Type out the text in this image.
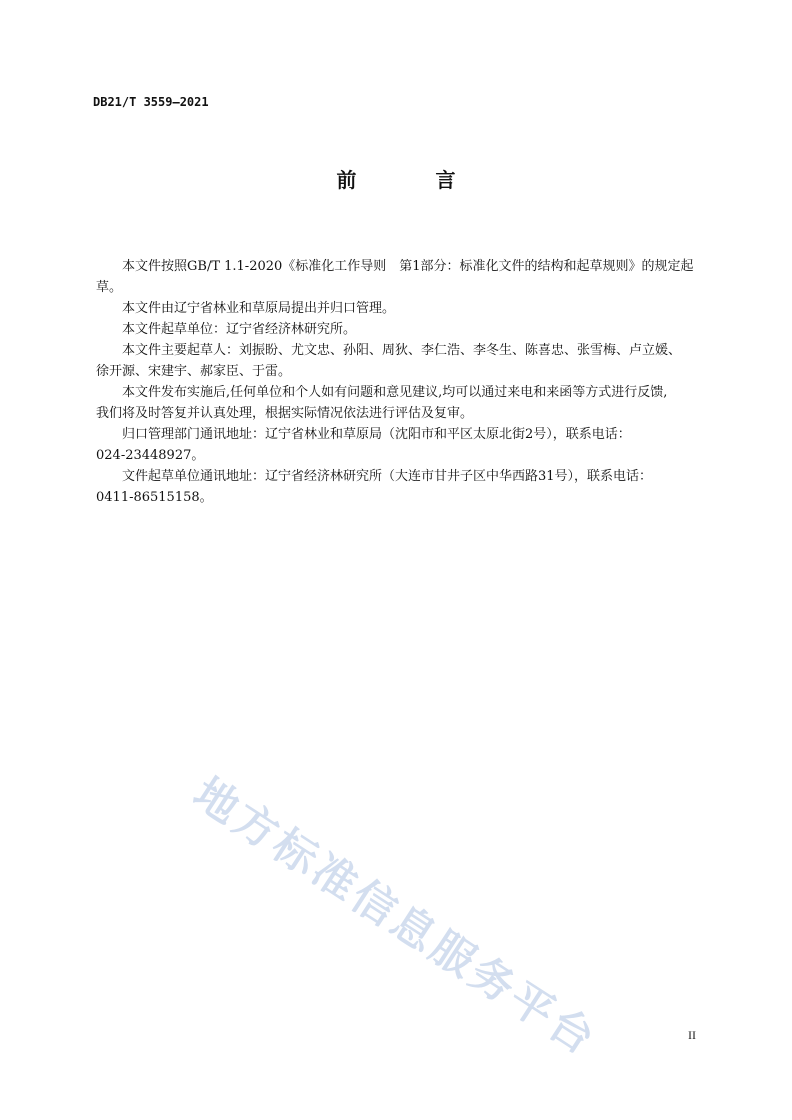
DB21/T 3559—2021
前 言
本文件按照GB/T 1.1-2020《标准化工作导则　第1部分：标准化文件的结构和起草规则》的规定起
草。
本文件由辽宁省林业和草原局提出并归口管理。
本文件起草单位：辽宁省经济林研究所。
本文件主要起草人：刘振盼、尤文忠、孙阳、周狄、李仁浩、李冬生、陈喜忠、张雪梅、卢立媛、
徐开源、宋建宇、郝家臣、于雷。
本文件发布实施后,任何单位和个人如有问题和意见建议,均可以通过来电和来函等方式进行反馈,
我们将及时答复并认真处理，根据实际情况依法进行评估及复审。
归口管理部门通讯地址：辽宁省林业和草原局（沈阳市和平区太原北街2号），联系电话：
024-23448927。
文件起草单位通讯地址：辽宁省经济林研究所（大连市甘井子区中华西路31号），联系电话：
0411-86515158。
地方标准信息服务平台	II
